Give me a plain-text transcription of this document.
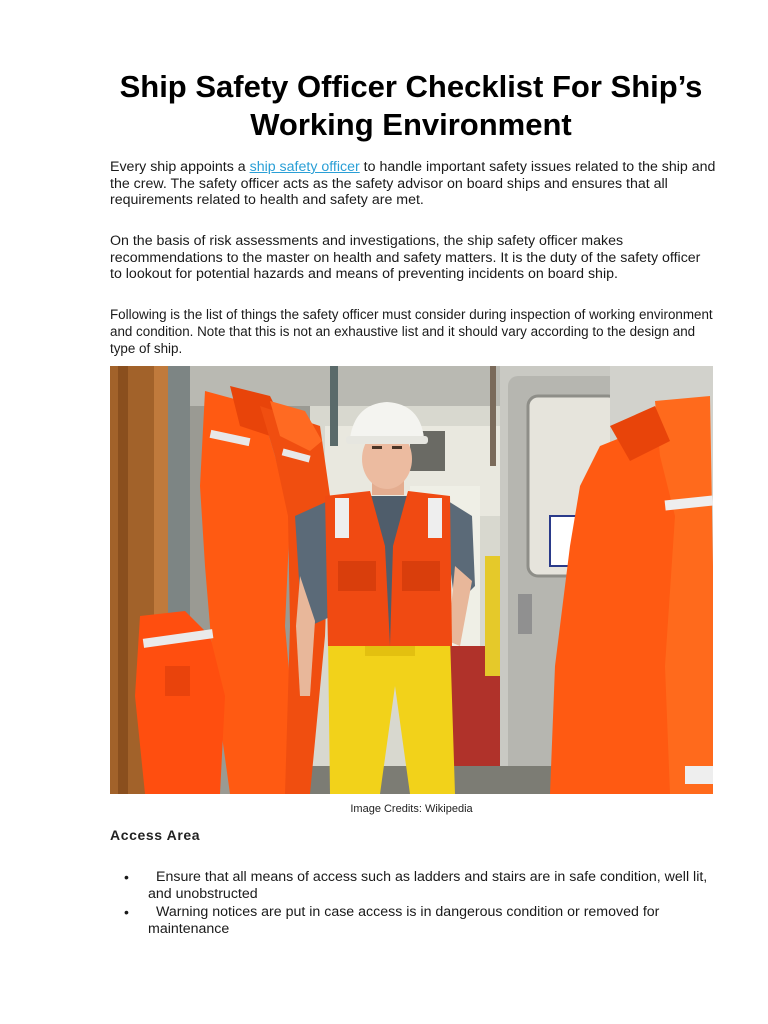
Ship Safety Officer Checklist For Ship’s Working Environment

Every ship appoints a ship safety officer to handle important safety issues related to the ship and the crew. The safety officer acts as the safety advisor on board ships and ensures that all requirements related to health and safety are met.

On the basis of risk assessments and investigations, the ship safety officer makes recommendations to the master on health and safety matters. It is the duty of the safety officer to lookout for potential hazards and means of preventing incidents on board ship.

Following is the list of things the safety officer must consider during inspection of working environment and condition. Note that this is not an exhaustive list and it should vary according to the design and type of ship.

Image Credits: Wikipedia
Access Area
•	Ensure that all means of access such as ladders and stairs are in safe condition, well lit, and unobstructed
•	Warning notices are put in case access is in dangerous condition or removed for maintenance
